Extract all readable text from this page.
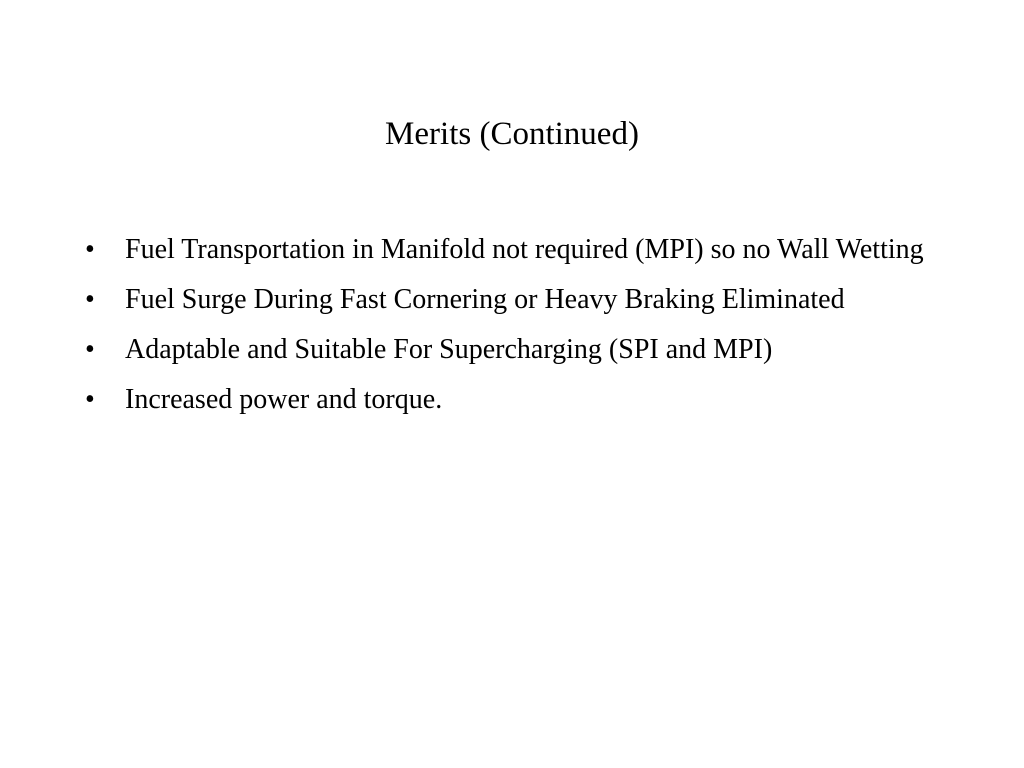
Merits (Continued)
•	Fuel Transportation in Manifold not required (MPI) so no Wall Wetting
•	Fuel Surge During Fast Cornering or Heavy Braking Eliminated
•	Adaptable and Suitable For Supercharging (SPI and MPI)
•	Increased power and torque.
